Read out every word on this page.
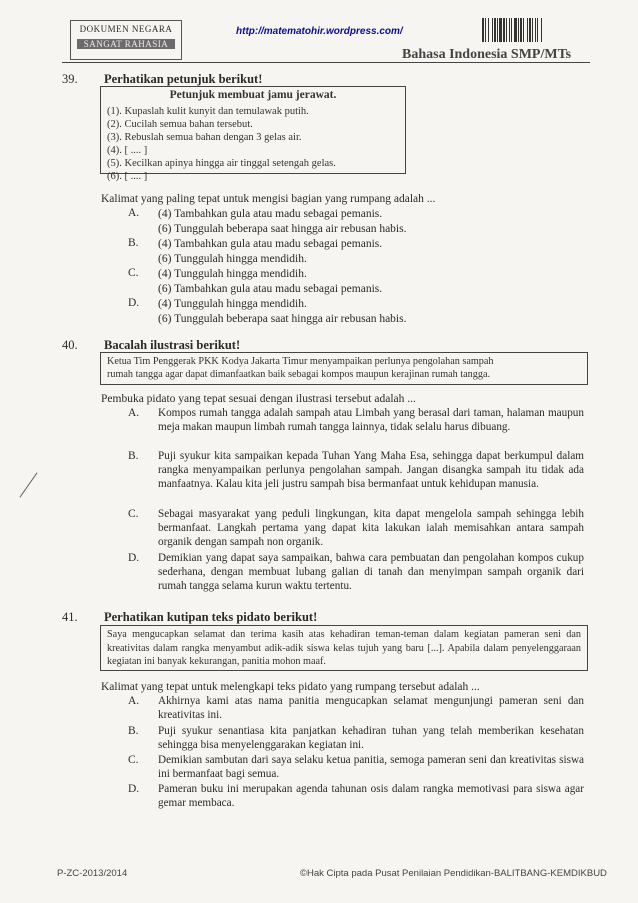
DOKUMEN NEGARA
SANGAT RAHASIA
http://matematohir.wordpress.com/
Bahasa Indonesia SMP/MTs
39. Perhatikan petunjuk berikut!
Petunjuk membuat jamu jerawat.
(1). Kupaslah kulit kunyit dan temulawak putih.
(2). Cucilah semua bahan tersebut.
(3). Rebuslah semua bahan dengan 3 gelas air.
(4). [ .... ]
(5). Kecilkan apinya hingga air tinggal setengah gelas.
(6). [ .... ]
Kalimat yang paling tepat untuk mengisi bagian yang rumpang adalah ...
A. (4) Tambahkan gula atau madu sebagai pemanis.
(6) Tunggulah beberapa saat hingga air rebusan habis.
B. (4) Tambahkan gula atau madu sebagai pemanis.
(6) Tunggulah hingga mendidih.
C. (4) Tunggulah hingga mendidih.
(6) Tambahkan gula atau madu sebagai pemanis.
D. (4) Tunggulah hingga mendidih.
(6) Tunggulah beberapa saat hingga air rebusan habis.
40. Bacalah ilustrasi berikut!
Ketua Tim Penggerak PKK Kodya Jakarta Timur menyampaikan perlunya pengolahan sampah
rumah tangga agar dapat dimanfaatkan baik sebagai kompos maupun kerajinan rumah tangga.
Pembuka pidato yang tepat sesuai dengan ilustrasi tersebut adalah ...
A. Kompos rumah tangga adalah sampah atau Limbah yang berasal dari taman, halaman maupun meja makan maupun limbah rumah tangga lainnya, tidak selalu harus dibuang.
B. Puji syukur kita sampaikan kepada Tuhan Yang Maha Esa, sehingga dapat berkumpul dalam rangka menyampaikan perlunya pengolahan sampah. Jangan disangka sampah itu tidak ada manfaatnya. Kalau kita jeli justru sampah bisa bermanfaat untuk kehidupan manusia.
C. Sebagai masyarakat yang peduli lingkungan, kita dapat mengelola sampah sehingga lebih bermanfaat. Langkah pertama yang dapat kita lakukan ialah memisahkan antara sampah organik dengan sampah non organik.
D. Demikian yang dapat saya sampaikan, bahwa cara pembuatan dan pengolahan kompos cukup sederhana, dengan membuat lubang galian di tanah dan menyimpan sampah organik dari rumah tangga selama kurun waktu tertentu.
41. Perhatikan kutipan teks pidato berikut!
Saya mengucapkan selamat dan terima kasih atas kehadiran teman-teman dalam kegiatan pameran seni dan kreativitas dalam rangka menyambut adik-adik siswa kelas tujuh yang baru [...]. Apabila dalam penyelenggaraan kegiatan ini banyak kekurangan, panitia mohon maaf.
Kalimat yang tepat untuk melengkapi teks pidato yang rumpang tersebut adalah ...
A. Akhirnya kami atas nama panitia mengucapkan selamat mengunjungi pameran seni dan kreativitas ini.
B. Puji syukur senantiasa kita panjatkan kehadiran tuhan yang telah memberikan kesehatan sehingga bisa menyelenggarakan kegiatan ini.
C. Demikian sambutan dari saya selaku ketua panitia, semoga pameran seni dan kreativitas siswa ini bermanfaat bagi semua.
D. Pameran buku ini merupakan agenda tahunan osis dalam rangka memotivasi para siswa agar gemar membaca.
P-ZC-2013/2014	©Hak Cipta pada Pusat Penilaian Pendidikan-BALITBANG-KEMDIKBUD
